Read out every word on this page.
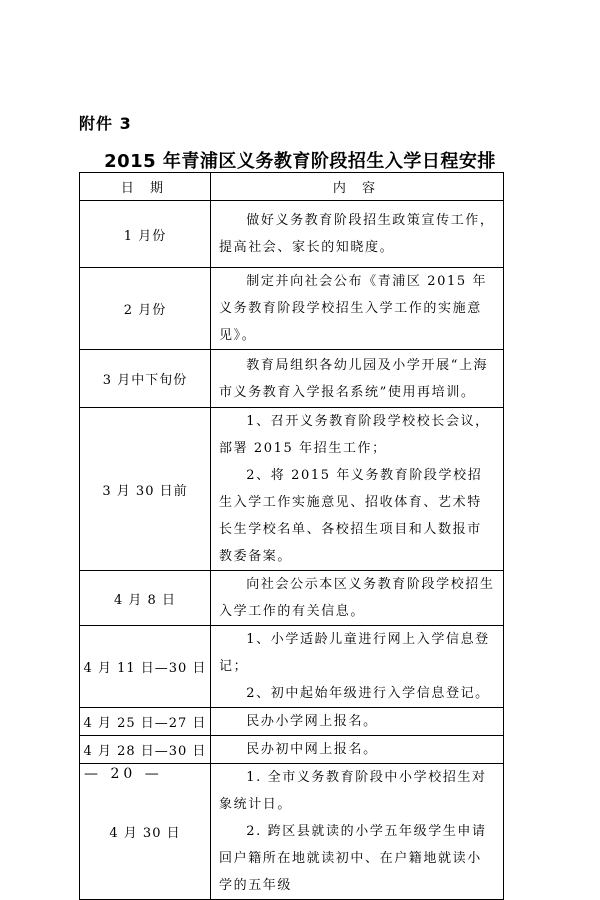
附件 3
2015 年青浦区义务教育阶段招生入学日程安排
日 期	内 容
1 月份	做好义务教育阶段招生政策宣传工作，提高社会、家长的知晓度。

2 月份	制定并向社会公布《青浦区 2015 年义务教育阶段学校招生入学工作的实施意见》。

3 月中下旬份	教育局组织各幼儿园及小学开展“上海市义务教育入学报名系统”使用再培训。

3 月 30 日前	1、召开义务教育阶段学校校长会议，部署 2015 年招生工作；

2、将 2015 年义务教育阶段学校招生入学工作实施意见、招收体育、艺术特长生学校名单、各校招生项目和人数报市教委备案。

4 月 8 日	向社会公示本区义务教育阶段学校招生入学工作的有关信息。

4 月 11 日—30 日	1、小学适龄儿童进行网上入学信息登记；

2、初中起始年级进行入学信息登记。

4 月 25 日—27 日	民办小学网上报名。

4 月 28 日—30 日	民办初中网上报名。

4 月 30 日	1. 全市义务教育阶段中小学校招生对象统计日。

2. 跨区县就读的小学五年级学生申请回户籍所在地就读初中、在户籍地就读小学的五年级

— 20 —
